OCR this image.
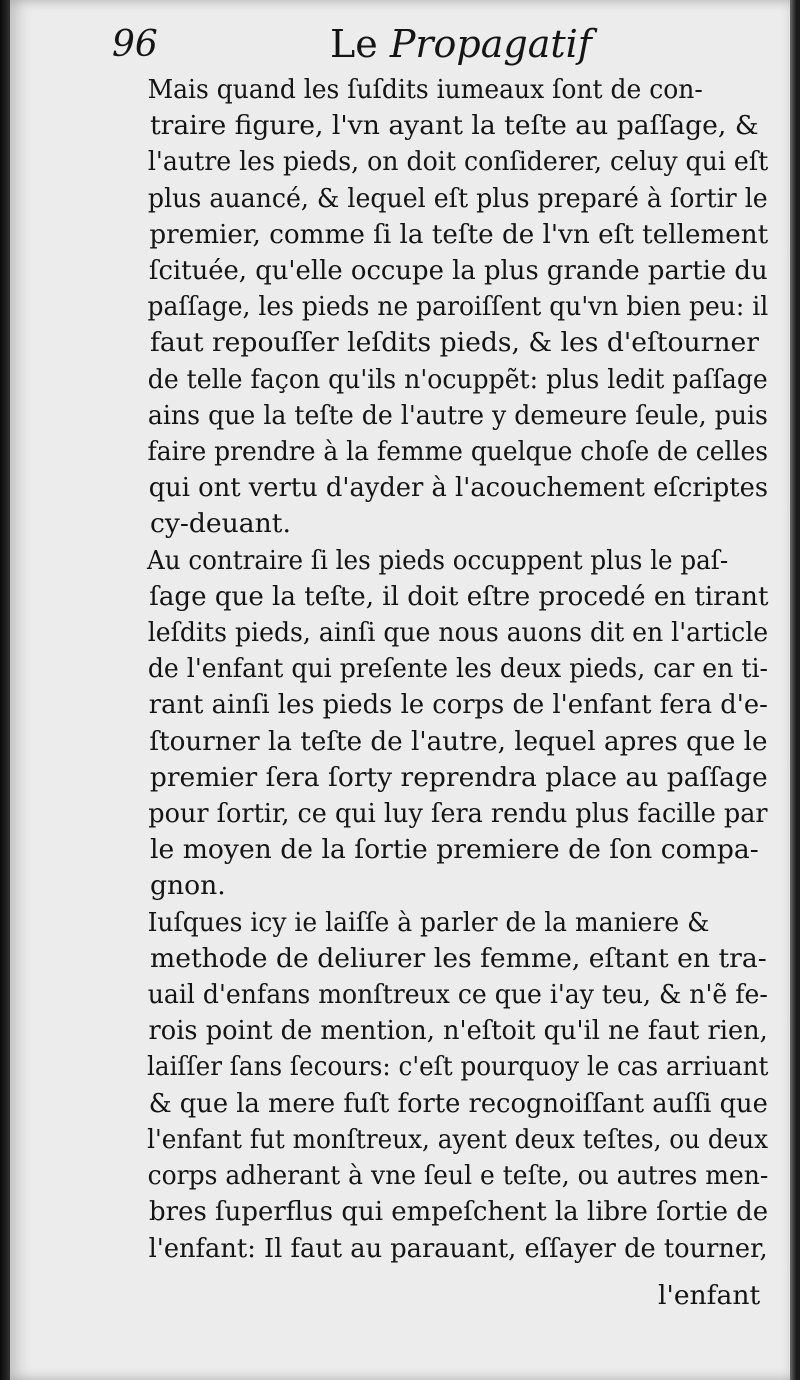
96	Le Propagatif
Mais quand les ſuſdits iumeaux ſont de con-
traire figure, l'vn ayant la teſte au paſſage, &
l'autre les pieds, on doit conſiderer, celuy qui eſt
plus auancé, & lequel eſt plus preparé à ſortir le
premier, comme ſi la teſte de l'vn eſt tellement
ſcituée, qu'elle occupe la plus grande partie du
paſſage, les pieds ne paroiſſent qu'vn bien peu: il
faut repouſſer leſdits pieds, & les d'eſtourner
de telle façon qu'ils n'ocuppẽt: plus ledit paſſage
ains que la teſte de l'autre y demeure ſeule, puis
faire prendre à la femme quelque choſe de celles
qui ont vertu d'ayder à l'acouchement eſcriptes
cy-deuant.
Au contraire ſi les pieds occuppent plus le paſ-
ſage que la teſte, il doit eſtre procedé en tirant
leſdits pieds, ainſi que nous auons dit en l'article
de l'enfant qui preſente les deux pieds, car en ti-
rant ainſi les pieds le corps de l'enfant fera d'e-
ſtourner la teſte de l'autre, lequel apres que le
premier ſera ſorty reprendra place au paſſage
pour ſortir, ce qui luy ſera rendu plus facille par
le moyen de la ſortie premiere de ſon compa-
gnon.
Iuſques icy ie laiſſe à parler de la maniere &
methode de deliurer les femme, eſtant en tra-
uail d'enfans monſtreux ce que i'ay teu, & n'ẽ fe-
rois point de mention, n'eſtoit qu'il ne faut rien,
laiſſer ſans ſecours: c'eſt pourquoy le cas arriuant
& que la mere fuſt forte recognoiſſant auſſi que
l'enfant fut monſtreux, ayent deux teſtes, ou deux
corps adherant à vne ſeul e teſte, ou autres men-
bres ſuperflus qui empeſchent la libre ſortie de
l'enfant: Il faut au parauant, eſſayer de tourner,
l'enfant
